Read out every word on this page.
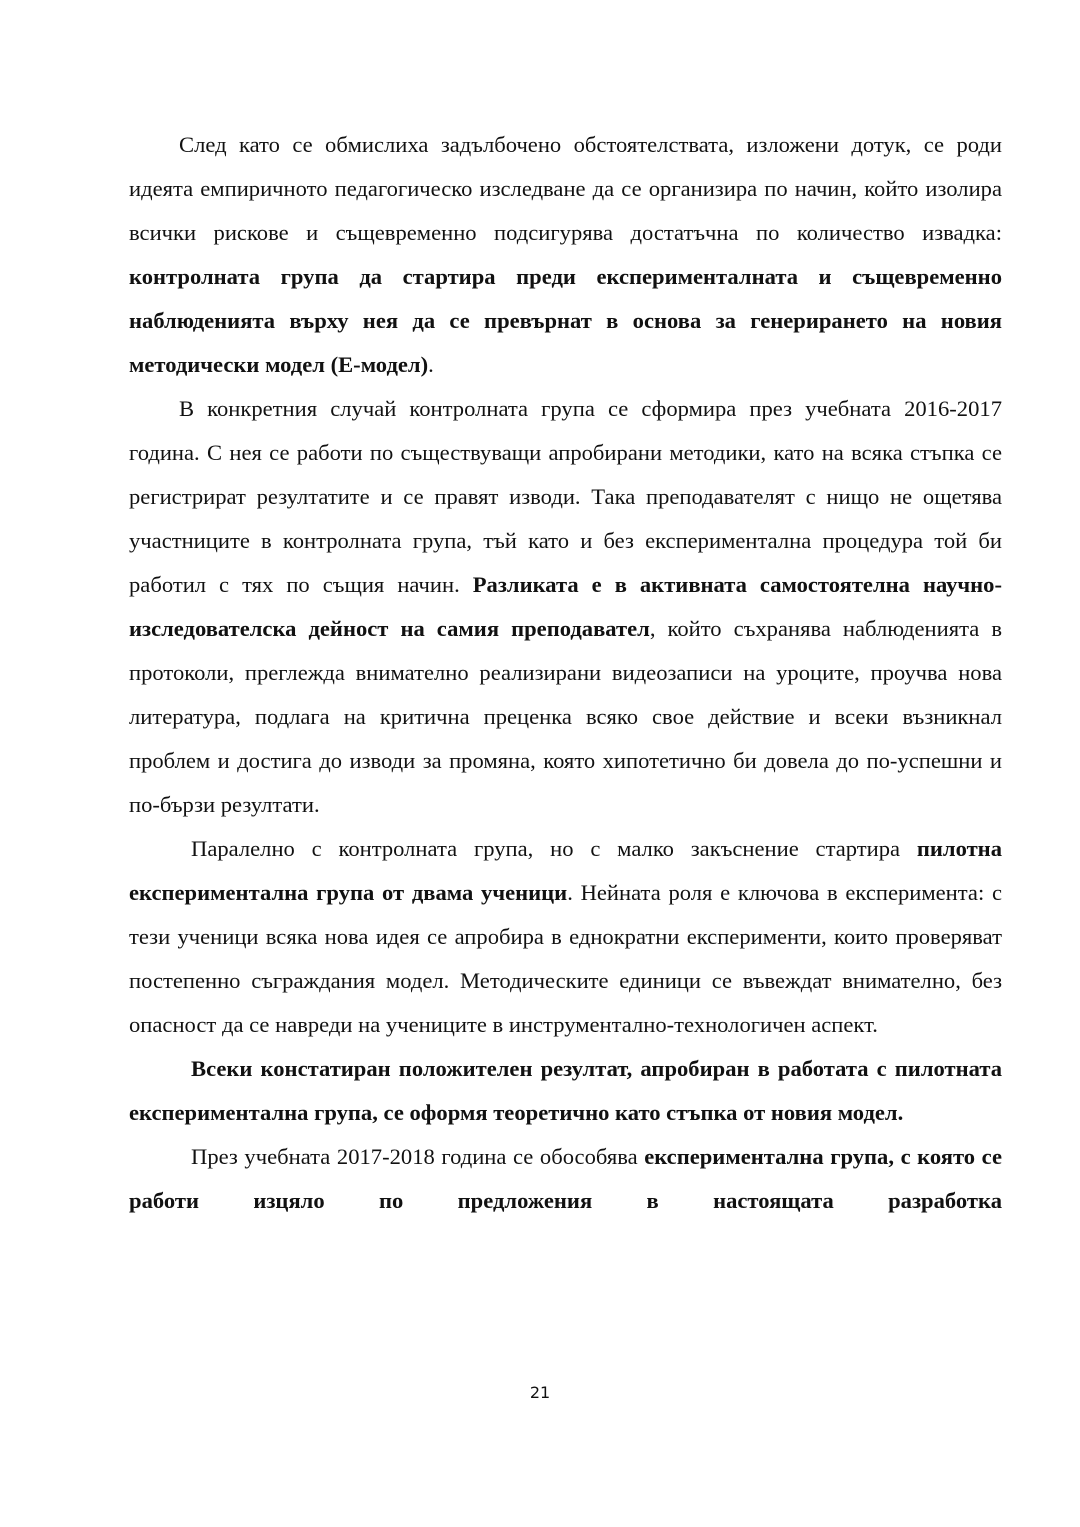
След като се обмислиха задълбочено обстоятелствата, изложени дотук, се роди идеята емпиричното педагогическо изследване да се организира по начин, който изолира всички рискове и същевременно подсигурява достатъчна по количество извадка: контролната група да стартира преди експерименталната и същевременно наблюденията върху нея да се превърнат в основа за генерирането на новия методически модел (Е-модел).

В конкретния случай контролната група се сформира през учебната 2016-2017 година. С нея се работи по съществуващи апробирани методики, като на всяка стъпка се регистрират резултатите и се правят изводи. Така преподавателят с нищо не ощетява участниците в контролната група, тъй като и без експериментална процедура той би работил с тях по същия начин. Разликата е в активната самостоятелна научно-изследователска дейност на самия преподавател, който съхранява наблюденията в протоколи, преглежда внимателно реализирани видеозаписи на уроците, проучва нова литература, подлага на критична преценка всяко свое действие и всеки възникнал проблем и достига до изводи за промяна, която хипотетично би довела до по-успешни и по-бързи резултати.

Паралелно с контролната група, но с малко закъснение стартира пилотна експериментална група от двама ученици. Нейната роля е ключова в експеримента: с тези ученици всяка нова идея се апробира в еднократни експерименти, които проверяват постепенно съграждания модел. Методическите единици се въвеждат внимателно, без опасност да се навреди на учениците в инструментално-технологичен аспект.

Всеки констатиран положителен резултат, апробиран в работата с пилотната експериментална група, се оформя теоретично като стъпка от новия модел.

През учебната 2017-2018 година се обособява експериментална група, с която се работи изцяло по предложения в настоящата разработка

21
